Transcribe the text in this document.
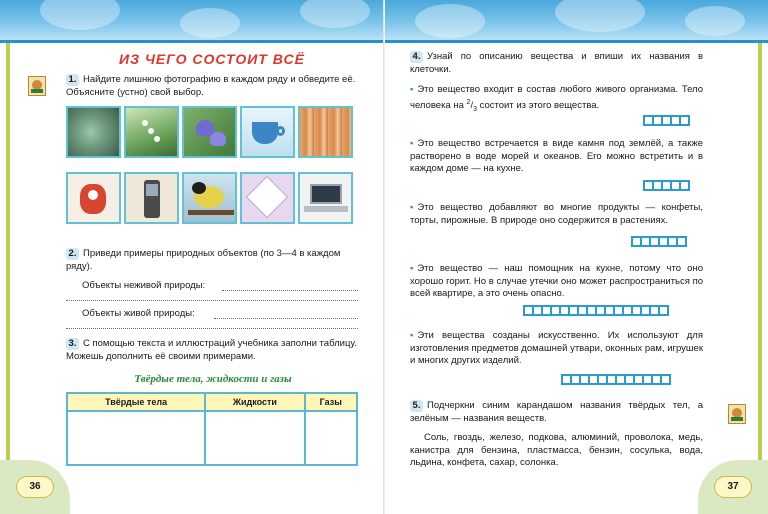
ИЗ ЧЕГО СОСТОИТ ВСЁ
1. Найдите лишнюю фотографию в каждом ряду и обведите её. Объясните (устно) свой выбор.
2. Приведи примеры природных объектов (по 3—4 в каждом ряду).
Объекты неживой природы:
Объекты живой природы:
3. С помощью текста и иллюстраций учебника заполни таблицу. Можешь дополнить её своими примерами.
Твёрдые тела, жидкости и газы
Твёрдые тела	Жидкости	Газы

36
4. Узнай по описанию вещества и впиши их названия в клеточки.
• Это вещество входит в состав любого живого организма. Тело человека на $^2/_3$ состоит из этого вещества.
• Это вещество встречается в виде камня под землёй, а также растворено в воде морей и океанов. Его можно встретить и в каждом доме — на кухне.
• Это вещество добавляют во многие продукты — конфеты, торты, пирожные. В природе оно содержится в растениях.
• Это вещество — наш помощник на кухне, потому что оно хорошо горит. Но в случае утечки оно может распространиться по всей квартире, а это очень опасно.
• Эти вещества созданы искусственно. Их используют для изготовления предметов домашней утвари, оконных рам, игрушек и многих других изделий.
5. Подчеркни синим карандашом названия твёрдых тел, а зелёным — названия веществ.
Соль, гвоздь, железо, подкова, алюминий, проволока, медь, канистра для бензина, пластмасса, бензин, сосулька, вода, льдина, конфета, сахар, солонка.
37
